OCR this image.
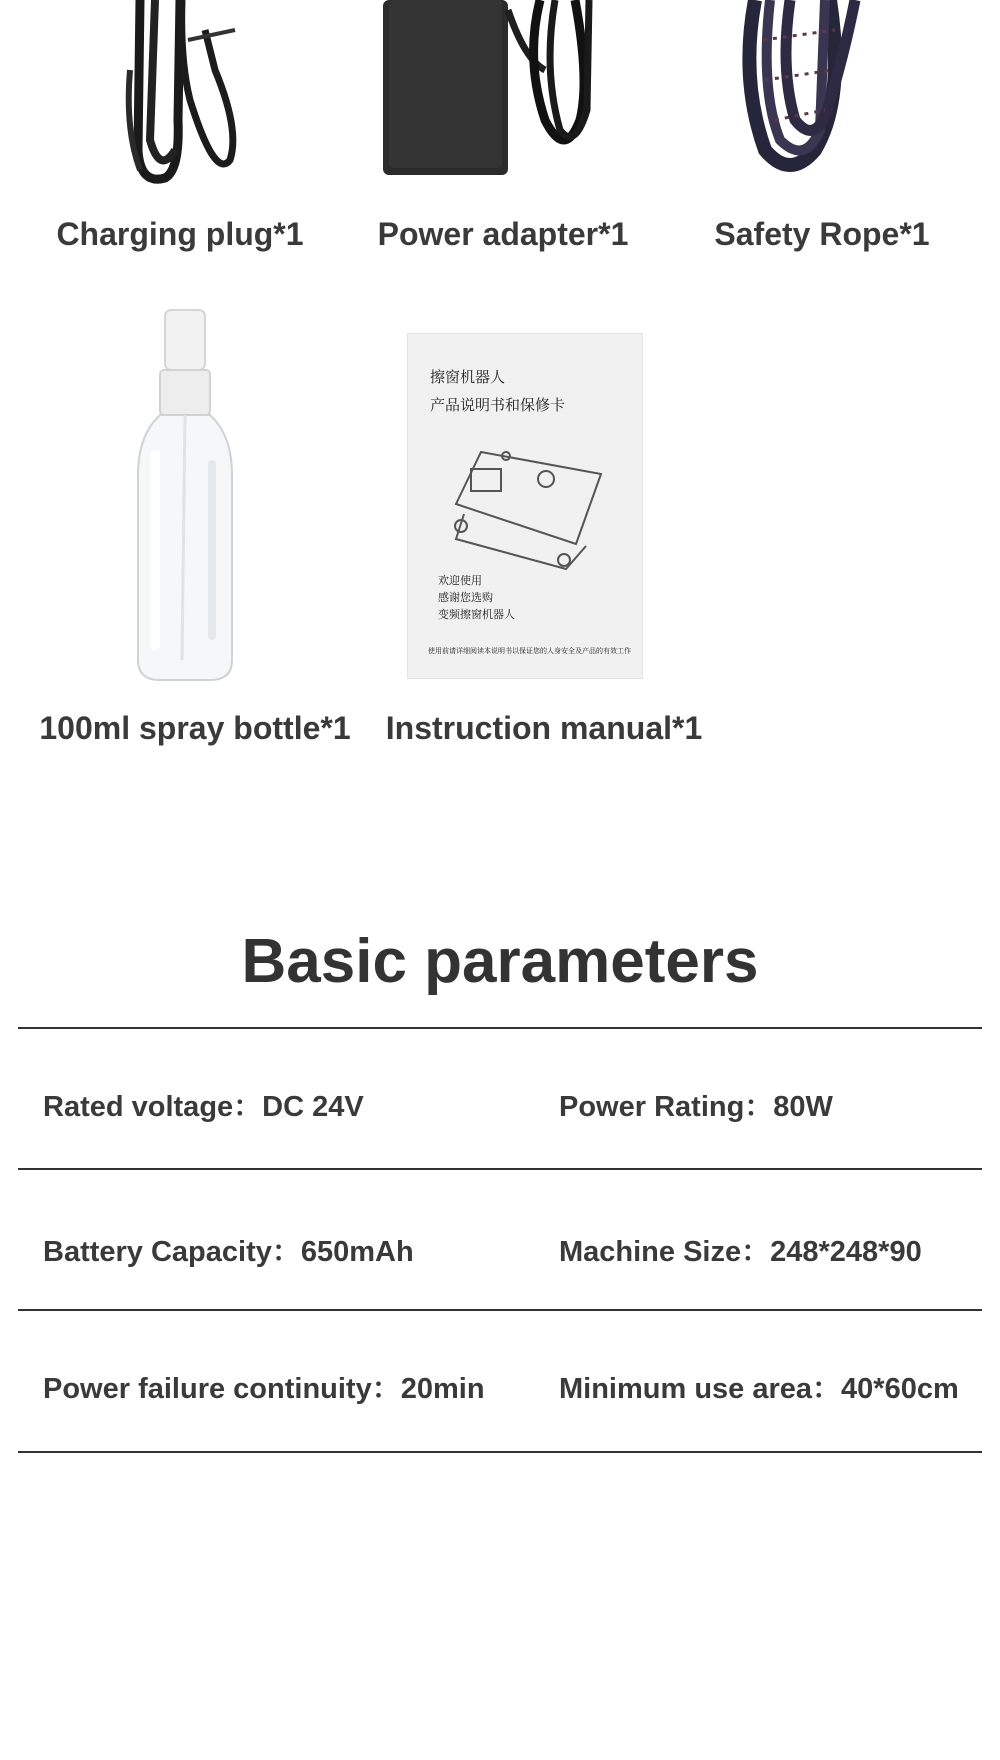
擦窗机器人
产品说明书和保修卡
欢迎使用
感谢您选购
变频擦窗机器人
使用前请详细阅读本说明书以保证您的人身安全及产品的有效工作
Charging plug*1 Power adapter*1	Safety Rope*1
100ml spray bottle*1 Instruction manual*1
Basic parameters
Rated voltage：DC 24V	Power Rating：80W
Battery Capacity：650mAh	Machine Size：248*248*90
Power failure continuity：20min	Minimum use area：40*60cm
